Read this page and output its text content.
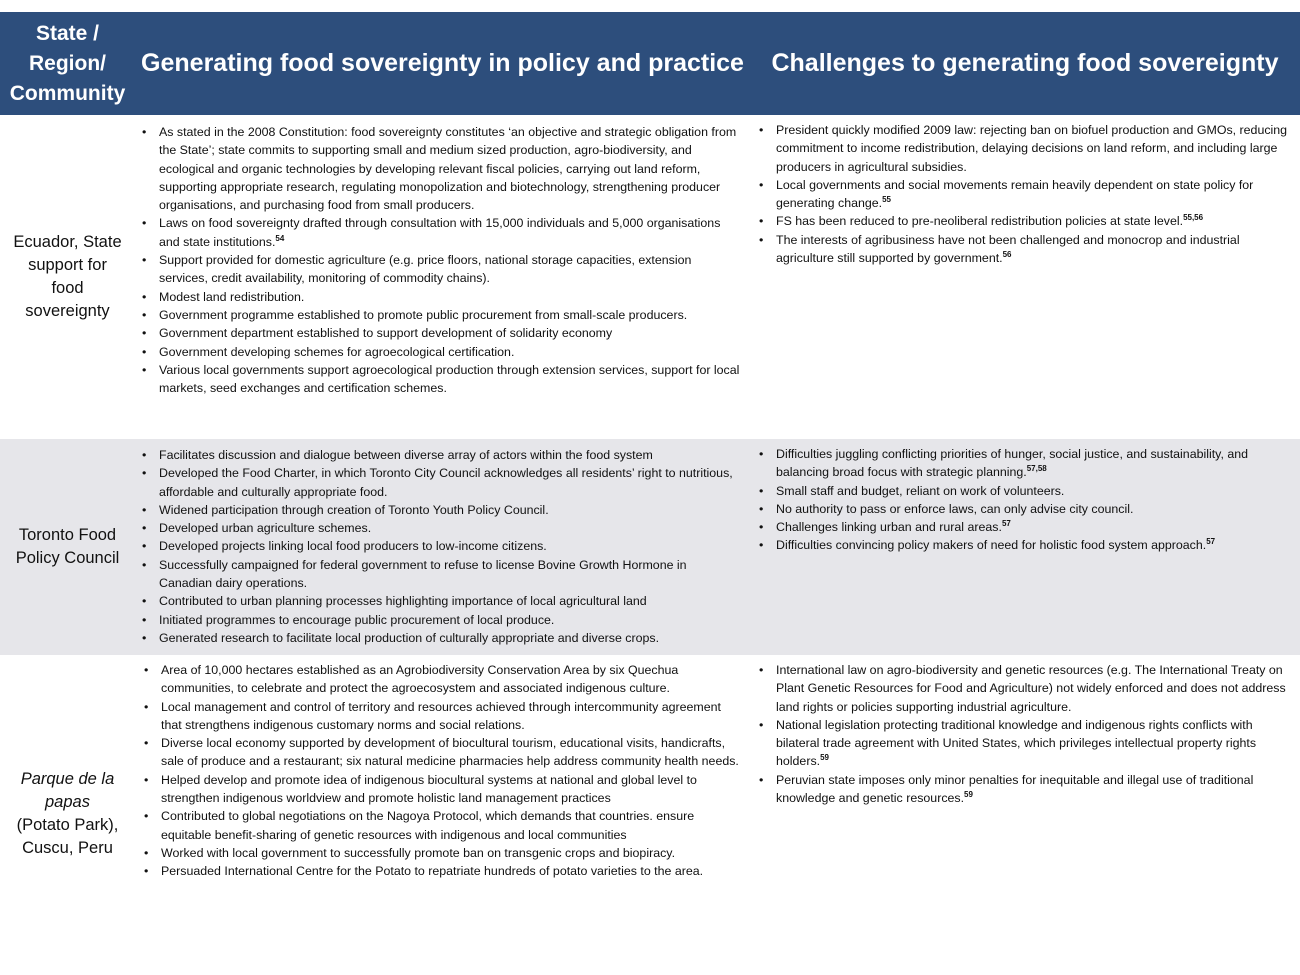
State /
Region/
Community
Generating food sovereignty in policy and practice	Challenges to generating food sovereignty
Ecuador, State
support for
food
sovereignty
• As stated in the 2008 Constitution: food sovereignty constitutes ‘an objective and strategic obligation from the State’; state commits to supporting small and medium sized production, agro-biodiversity, and ecological and organic technologies by developing relevant fiscal policies, carrying out land reform, supporting appropriate research, regulating monopolization and biotechnology, strengthening producer organisations, and purchasing food from small producers.
• Laws on food sovereignty drafted through consultation with 15,000 individuals and 5,000 organisations and state institutions.$^{54}$
• Support provided for domestic agriculture (e.g. price floors, national storage capacities, extension services, credit availability, monitoring of commodity chains).
• Modest land redistribution.
• Government programme established to promote public procurement from small-scale producers.
• Government department established to support development of solidarity economy
• Government developing schemes for agroecological certification.
• Various local governments support agroecological production through extension services, support for local markets, seed exchanges and certification schemes.
• President quickly modified 2009 law: rejecting ban on biofuel production and GMOs, reducing commitment to income redistribution, delaying decisions on land reform, and including large producers in agricultural subsidies.
• Local governments and social movements remain heavily dependent on state policy for generating change.$^{55}$
• FS has been reduced to pre-neoliberal redistribution policies at state level.$^{55,56}$
• The interests of agribusiness have not been challenged and monocrop and industrial agriculture still supported by government.$^{56}$
Toronto Food
Policy Council
• Facilitates discussion and dialogue between diverse array of actors within the food system
• Developed the Food Charter, in which Toronto City Council acknowledges all residents’ right to nutritious, affordable and culturally appropriate food.
• Widened participation through creation of Toronto Youth Policy Council.
• Developed urban agriculture schemes.
• Developed projects linking local food producers to low-income citizens.
• Successfully campaigned for federal government to refuse to license Bovine Growth Hormone in Canadian dairy operations.
• Contributed to urban planning processes highlighting importance of local agricultural land
• Initiated programmes to encourage public procurement of local produce.
• Generated research to facilitate local production of culturally appropriate and diverse crops.
• Difficulties juggling conflicting priorities of hunger, social justice, and sustainability, and balancing broad focus with strategic planning.$^{57,58}$
• Small staff and budget, reliant on work of volunteers.
• No authority to pass or enforce laws, can only advise city council.
• Challenges linking urban and rural areas.$^{57}$
• Difficulties convincing policy makers of need for holistic food system approach.$^{57}$
Parque de la
papas
(Potato Park),
Cuscu, Peru
• Area of 10,000 hectares established as an Agrobiodiversity Conservation Area by six Quechua communities, to celebrate and protect the agroecosystem and associated indigenous culture.
• Local management and control of territory and resources achieved through intercommunity agreement that strengthens indigenous customary norms and social relations.
• Diverse local economy supported by development of biocultural tourism, educational visits, handicrafts, sale of produce and a restaurant; six natural medicine pharmacies help address community health needs.
• Helped develop and promote idea of indigenous biocultural systems at national and global level to strengthen indigenous worldview and promote holistic land management practices
• Contributed to global negotiations on the Nagoya Protocol, which demands that countries. ensure equitable benefit-sharing of genetic resources with indigenous and local communities
• Worked with local government to successfully promote ban on transgenic crops and biopiracy.
• Persuaded International Centre for the Potato to repatriate hundreds of potato varieties to the area.
• International law on agro-biodiversity and genetic resources (e.g. The International Treaty on Plant Genetic Resources for Food and Agriculture) not widely enforced and does not address land rights or policies supporting industrial agriculture.
• National legislation protecting traditional knowledge and indigenous rights conflicts with bilateral trade agreement with United States, which privileges intellectual property rights holders.$^{59}$
• Peruvian state imposes only minor penalties for inequitable and illegal use of traditional knowledge and genetic resources.$^{59}$
